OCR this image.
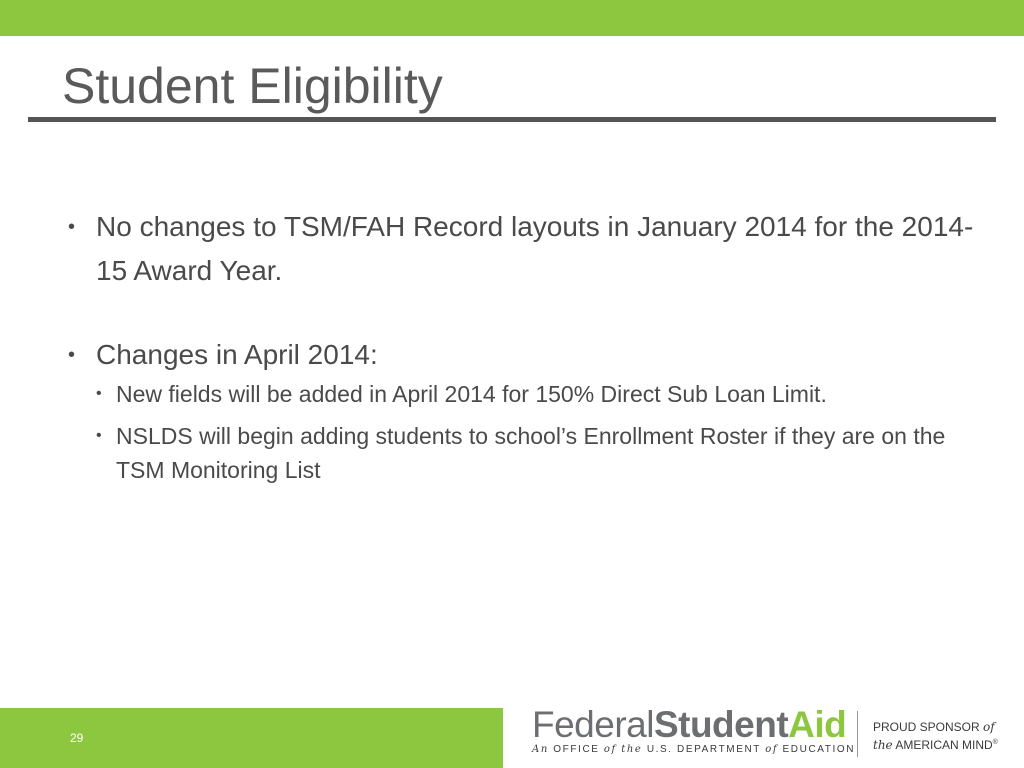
Student Eligibility
• No changes to TSM/FAH Record layouts in January 2014 for the 2014-15 Award Year.
• Changes in April 2014:
• New fields will be added in April 2014 for 150% Direct Sub Loan Limit.
• NSLDS will begin adding students to school’s Enrollment Roster if they are on the TSM Monitoring List
29	FederalStudentAid
An OFFICE of the U.S. DEPARTMENT of EDUCATION
PROUD SPONSOR of
the AMERICAN MIND®
